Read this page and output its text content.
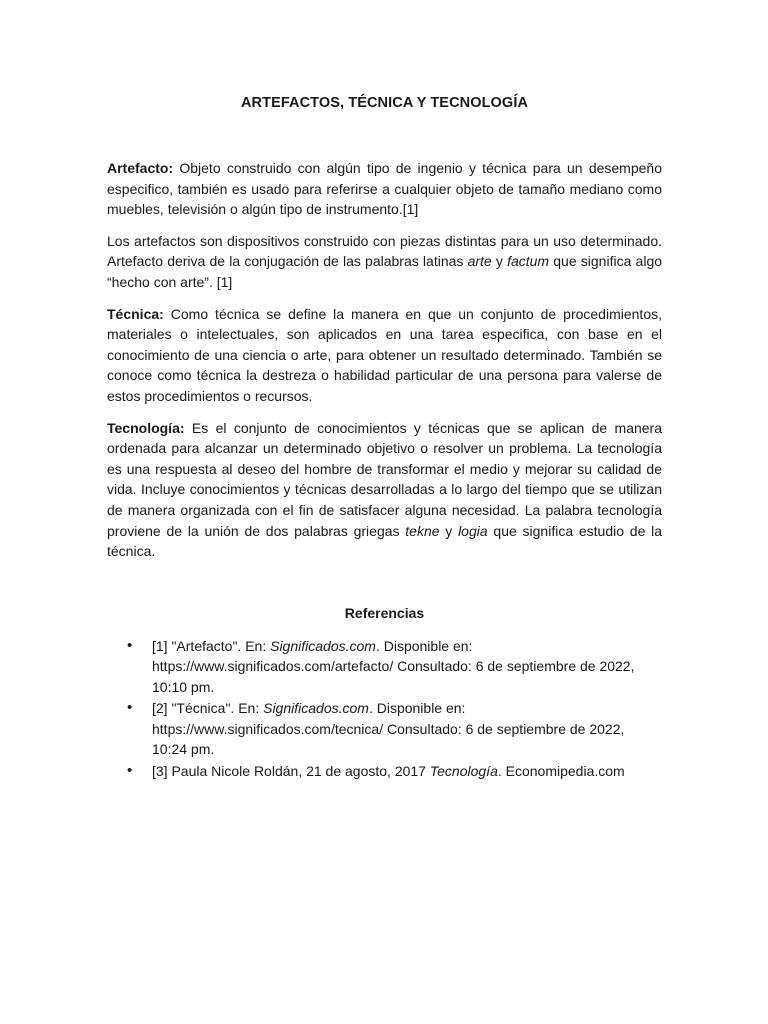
ARTEFACTOS, TÉCNICA Y TECNOLOGÍA

Artefacto: Objeto construido con algún tipo de ingenio y técnica para un desempeño especifico, también es usado para referirse a cualquier objeto de tamaño mediano como muebles, televisión o algún tipo de instrumento.[1]

Los artefactos son dispositivos construido con piezas distintas para un uso determinado. Artefacto deriva de la conjugación de las palabras latinas arte y factum que significa algo “hecho con arte”. [1]

Técnica: Como técnica se define la manera en que un conjunto de procedimientos, materiales o intelectuales, son aplicados en una tarea especifica, con base en el conocimiento de una ciencia o arte, para obtener un resultado determinado. También se conoce como técnica la destreza o habilidad particular de una persona para valerse de estos procedimientos o recursos.

Tecnología: Es el conjunto de conocimientos y técnicas que se aplican de manera ordenada para alcanzar un determinado objetivo o resolver un problema. La tecnología es una respuesta al deseo del hombre de transformar el medio y mejorar su calidad de vida. Incluye conocimientos y técnicas desarrolladas a lo largo del tiempo que se utilizan de manera organizada con el fin de satisfacer alguna necesidad. La palabra tecnología proviene de la unión de dos palabras griegas tekne y logia que significa estudio de la técnica.

Referencias
• [1] "Artefacto". En: Significados.com. Disponible en: https://www.significados.com/artefacto/ Consultado: 6 de septiembre de 2022, 10:10 pm.
• [2] "Técnica". En: Significados.com. Disponible en: https://www.significados.com/tecnica/ Consultado: 6 de septiembre de 2022, 10:24 pm.
• [3] Paula Nicole Roldán, 21 de agosto, 2017 Tecnología. Economipedia.com
